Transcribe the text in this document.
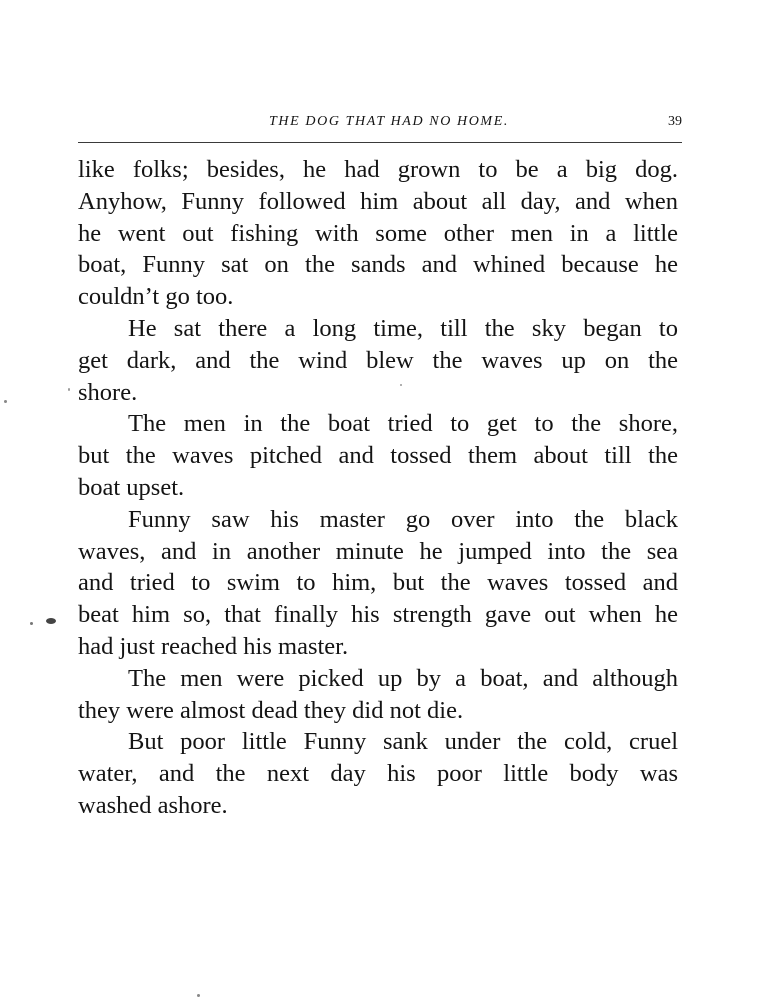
THE DOG THAT HAD NO HOME.	39
like folks; besides, he had grown to be a big dog.
Anyhow, Funny followed him about all day, and when
he went out fishing with some other men in a little
boat, Funny sat on the sands and whined because he
couldn’t go too.
He sat there a long time, till the sky began to
get dark, and the wind blew the waves up on the
shore.
The men in the boat tried to get to the shore,
but the waves pitched and tossed them about till the
boat upset.
Funny saw his master go over into the black
waves, and in another minute he jumped into the sea
and tried to swim to him, but the waves tossed and
beat him so, that finally his strength gave out when he
had just reached his master.
The men were picked up by a boat, and although
they were almost dead they did not die.
But poor little Funny sank under the cold, cruel
water, and the next day his poor little body was
washed ashore.
